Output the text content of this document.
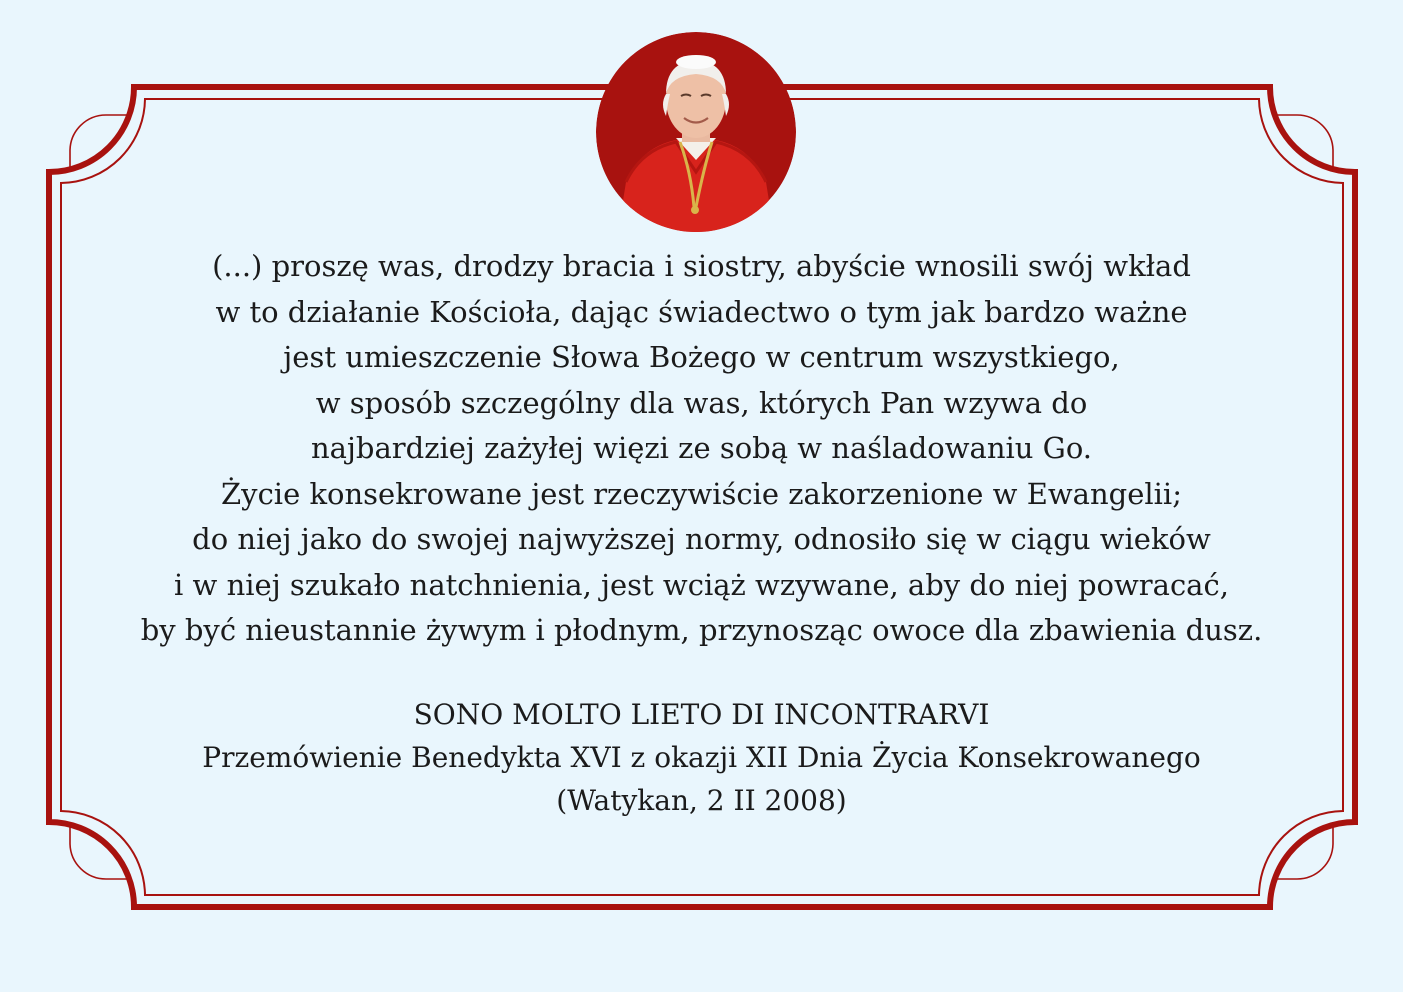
(...) proszę was, drodzy bracia i siostry, abyście wnosili swój wkład
w to działanie Kościoła, dając świadectwo o tym jak bardzo ważne
jest umieszczenie Słowa Bożego w centrum wszystkiego,
w sposób szczególny dla was, których Pan wzywa do
najbardziej zażyłej więzi ze sobą w naśladowaniu Go.
Życie konsekrowane jest rzeczywiście zakorzenione w Ewangelii;
do niej jako do swojej najwyższej normy, odnosiło się w ciągu wieków
i w niej szukało natchnienia, jest wciąż wzywane, aby do niej powracać,
by być nieustannie żywym i płodnym, przynosząc owoce dla zbawienia dusz.
SONO MOLTO LIETO DI INCONTRARVI
Przemówienie Benedykta XVI z okazji XII Dnia Życia Konsekrowanego
(Watykan, 2 II 2008)
